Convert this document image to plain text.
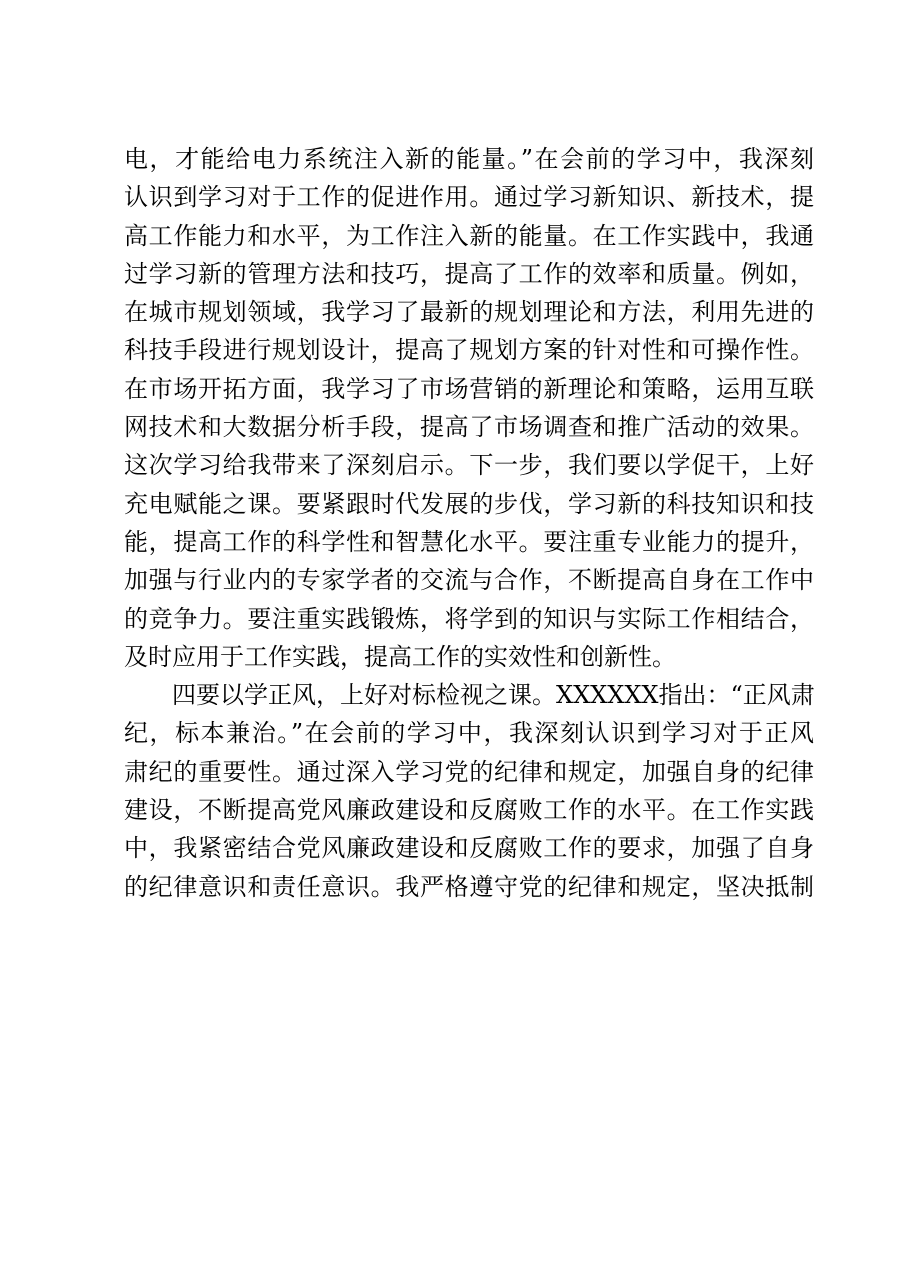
电，才能给电力系统注入新的能量。”在会前的学习中，我深刻
认识到学习对于工作的促进作用。通过学习新知识、新技术，提
高工作能力和水平，为工作注入新的能量。在工作实践中，我通
过学习新的管理方法和技巧，提高了工作的效率和质量。例如，
在城市规划领域，我学习了最新的规划理论和方法，利用先进的
科技手段进行规划设计，提高了规划方案的针对性和可操作性。
在市场开拓方面，我学习了市场营销的新理论和策略，运用互联
网技术和大数据分析手段，提高了市场调查和推广活动的效果。
这次学习给我带来了深刻启示。下一步，我们要以学促干，上好
充电赋能之课。要紧跟时代发展的步伐，学习新的科技知识和技
能，提高工作的科学性和智慧化水平。要注重专业能力的提升，
加强与行业内的专家学者的交流与合作，不断提高自身在工作中
的竞争力。要注重实践锻炼，将学到的知识与实际工作相结合，
及时应用于工作实践，提高工作的实效性和创新性。
四要以学正风，上好对标检视之课。XXXXXX指出：“正风肃
纪，标本兼治。”在会前的学习中，我深刻认识到学习对于正风
肃纪的重要性。通过深入学习党的纪律和规定，加强自身的纪律
建设，不断提高党风廉政建设和反腐败工作的水平。在工作实践
中，我紧密结合党风廉政建设和反腐败工作的要求，加强了自身
的纪律意识和责任意识。我严格遵守党的纪律和规定，坚决抵制
